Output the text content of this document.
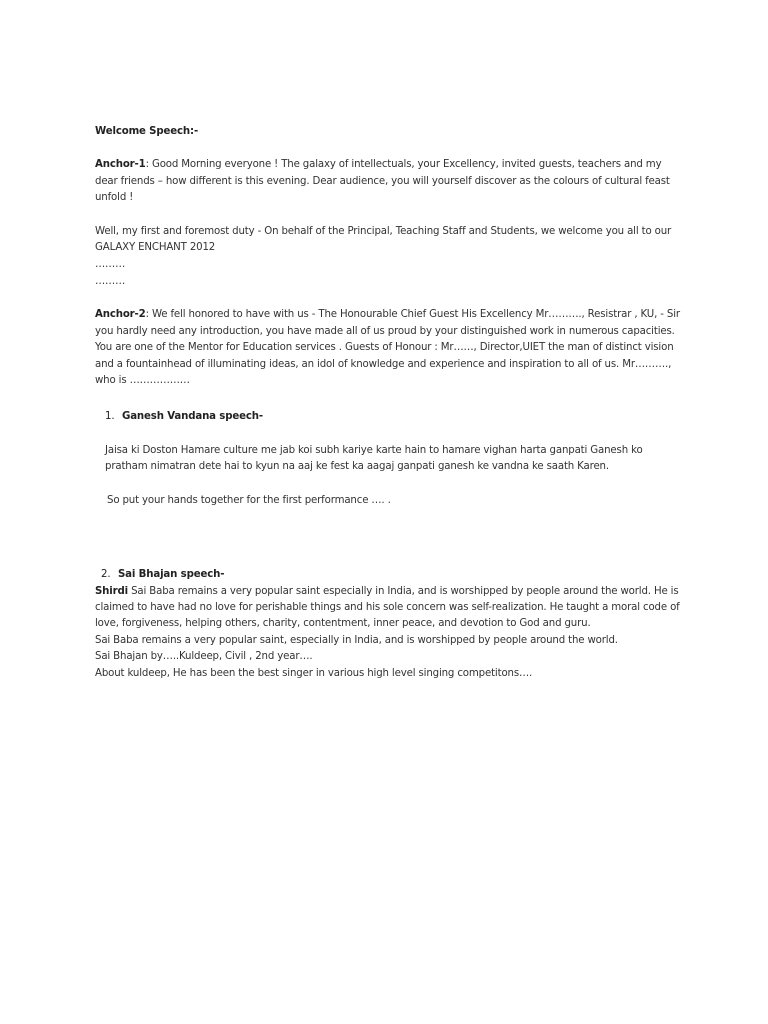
Welcome Speech:-

Anchor-1: Good Morning everyone ! The galaxy of intellectuals, your Excellency, invited guests, teachers and my dear friends – how different is this evening. Dear audience, you will yourself discover as the colours of cultural feast unfold !

Well, my first and foremost duty - On behalf of the Principal, Teaching Staff and Students, we welcome you all to our GALAXY ENCHANT 2012

………

………

Anchor-2: We fell honored to have with us - The Honourable Chief Guest His Excellency Mr………., Resistrar , KU, - Sir you hardly need any introduction, you have made all of us proud by your distinguished work in numerous capacities. You are one of the Mentor for Education services . Guests of Honour : Mr……, Director,UIET the man of distinct vision and a fountainhead of illuminating ideas, an idol of knowledge and experience and inspiration to all of us. Mr………., who is ………………

1. Ganesh Vandana speech-

Jaisa ki Doston Hamare culture me jab koi subh kariye karte hain to hamare vighan harta ganpati Ganesh ko pratham nimatran dete hai to kyun na aaj ke fest ka aagaj ganpati ganesh ke vandna ke saath Karen.

So put your hands together for the first performance …. .

2. Sai Bhajan speech-

Shirdi Sai Baba remains a very popular saint especially in India, and is worshipped by people around the world. He is claimed to have had no love for perishable things and his sole concern was self-realization. He taught a moral code of love, forgiveness, helping others, charity, contentment, inner peace, and devotion to God and guru.

Sai Baba remains a very popular saint, especially in India, and is worshipped by people around the world.

Sai Bhajan by…..Kuldeep, Civil , 2nd year….

About kuldeep, He has been the best singer in various high level singing competitons….
